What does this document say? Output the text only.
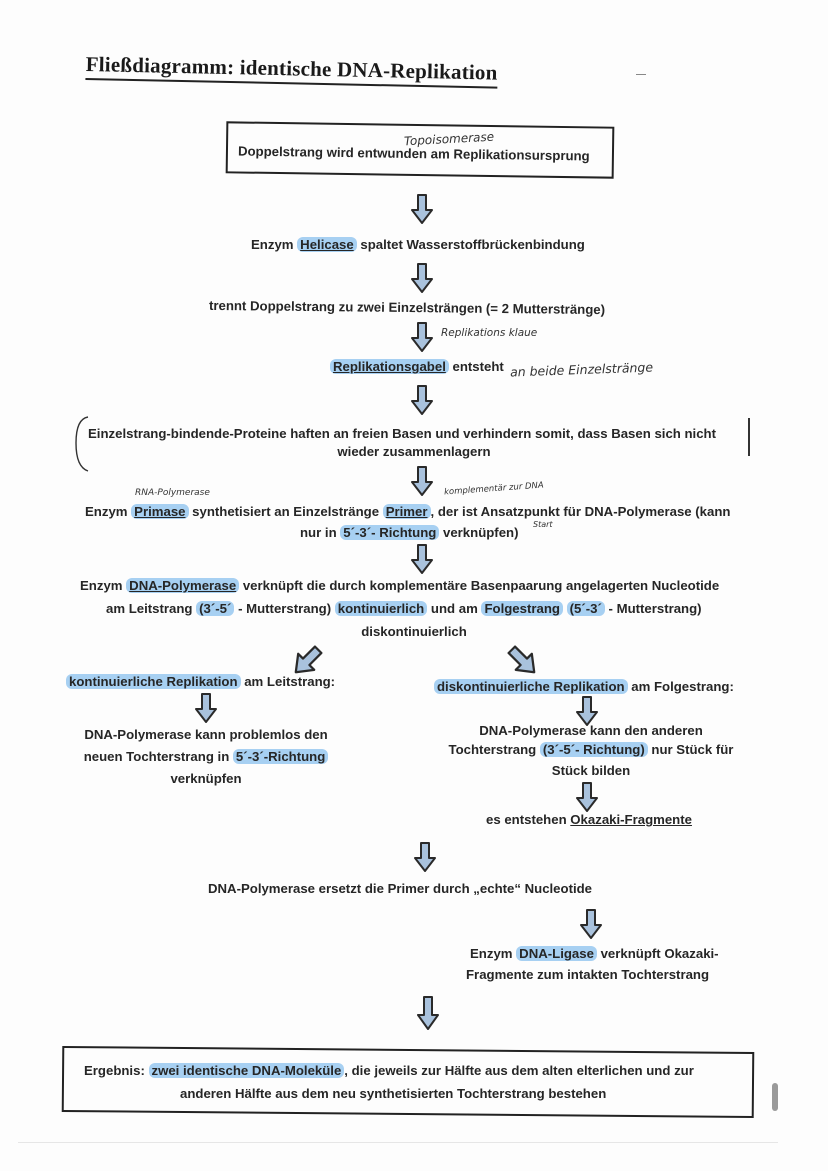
Fließdiagramm: identische DNA-Replikation
Topoisomerase
Doppelstrang wird entwunden am Replikationsursprung
Enzym Helicase spaltet Wasserstoffbrückenbindung
trennt Doppelstrang zu zwei Einzelsträngen (= 2 Mutterstränge)
Replikations klaue
Replikationsgabel entsteht an beide Einzelstränge
Einzelstrang-bindende-Proteine haften an freien Basen und verhindern somit, dass Basen sich nicht
wieder zusammenlagern
RNA-Polymerase	komplementär zur DNA
Enzym Primase synthetisiert an Einzelstränge Primer , der ist Ansatzpunkt für DNA-Polymerase (kann
Start
nur in 5´-3´- Richtung verknüpfen)
Enzym DNA-Polymerase verknüpft die durch komplementäre Basenpaarung angelagerten Nucleotide
am Leitstrang (3´-5´ - Mutterstrang) kontinuierlich und am Folgestrang (5´-3´ - Mutterstrang)
diskontinuierlich
kontinuierliche Replikation am Leitstrang:
DNA-Polymerase kann problemlos den
neuen Tochterstrang in 5´-3´-Richtung
verknüpfen
diskontinuierliche Replikation am Folgestrang:
DNA-Polymerase kann den anderen
Tochterstrang (3´-5´- Richtung) nur Stück für
Stück bilden
es entstehen Okazaki-Fragmente
DNA-Polymerase ersetzt die Primer durch „echte“ Nucleotide
Enzym DNA-Ligase verknüpft Okazaki-
Fragmente zum intakten Tochterstrang
Ergebnis: zwei identische DNA-Moleküle , die jeweils zur Hälfte aus dem alten elterlichen und zur
anderen Hälfte aus dem neu synthetisierten Tochterstrang bestehen
